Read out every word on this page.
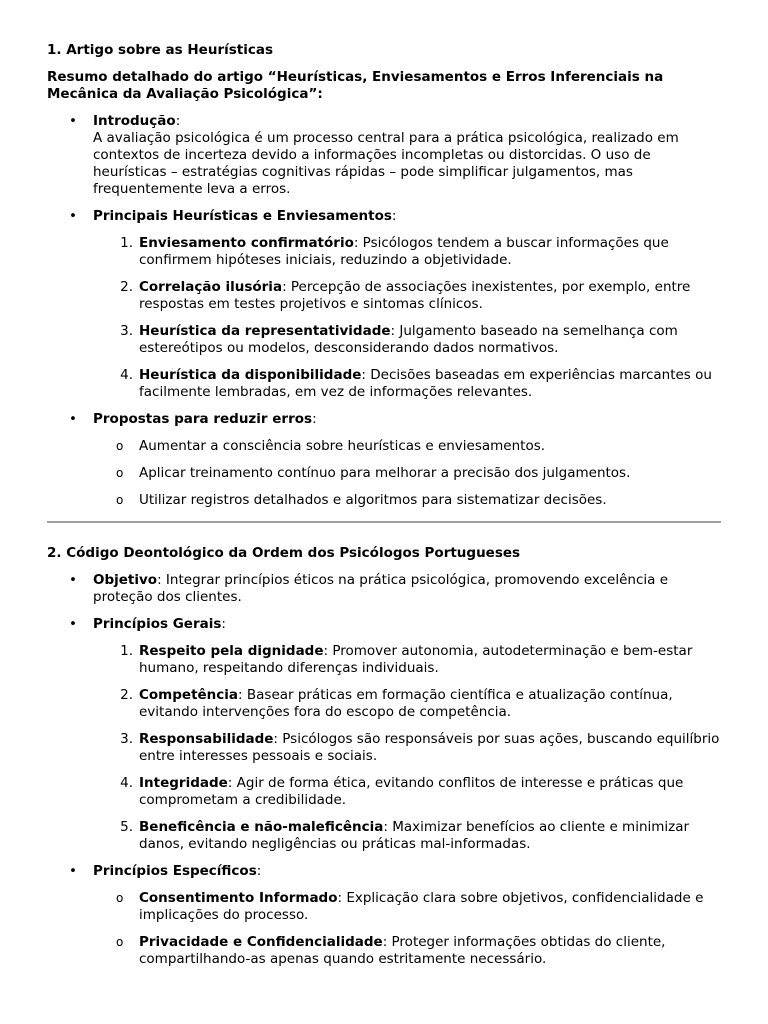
1. Artigo sobre as Heurísticas

Resumo detalhado do artigo “Heurísticas, Enviesamentos e Erros Inferenciais na Mecânica da Avaliação Psicológica”:

• Introdução:

A avaliação psicológica é um processo central para a prática psicológica, realizado em contextos de incerteza devido a informações incompletas ou distorcidas. O uso de heurísticas – estratégias cognitivas rápidas – pode simplificar julgamentos, mas frequentemente leva a erros.

• Principais Heurísticas e Enviesamentos:
1. Enviesamento confirmatório: Psicólogos tendem a buscar informações que confirmem hipóteses iniciais, reduzindo a objetividade.
2. Correlação ilusória: Percepção de associações inexistentes, por exemplo, entre respostas em testes projetivos e sintomas clínicos.
3. Heurística da representatividade: Julgamento baseado na semelhança com estereótipos ou modelos, desconsiderando dados normativos.
4. Heurística da disponibilidade: Decisões baseadas em experiências marcantes ou facilmente lembradas, em vez de informações relevantes.
• Propostas para reduzir erros:
o Aumentar a consciência sobre heurísticas e enviesamentos.
o Aplicar treinamento contínuo para melhorar a precisão dos julgamentos.
o Utilizar registros detalhados e algoritmos para sistematizar decisões.

2. Código Deontológico da Ordem dos Psicólogos Portugueses

• Objetivo: Integrar princípios éticos na prática psicológica, promovendo excelência e proteção dos clientes.
• Princípios Gerais:
1. Respeito pela dignidade: Promover autonomia, autodeterminação e bem-estar humano, respeitando diferenças individuais.
2. Competência: Basear práticas em formação científica e atualização contínua, evitando intervenções fora do escopo de competência.
3. Responsabilidade: Psicólogos são responsáveis por suas ações, buscando equilíbrio entre interesses pessoais e sociais.
4. Integridade: Agir de forma ética, evitando conflitos de interesse e práticas que comprometam a credibilidade.
5. Beneficência e não-maleficência: Maximizar benefícios ao cliente e minimizar danos, evitando negligências ou práticas mal-informadas.
• Princípios Específicos:
o Consentimento Informado: Explicação clara sobre objetivos, confidencialidade e implicações do processo.
o Privacidade e Confidencialidade: Proteger informações obtidas do cliente, compartilhando-as apenas quando estritamente necessário.
